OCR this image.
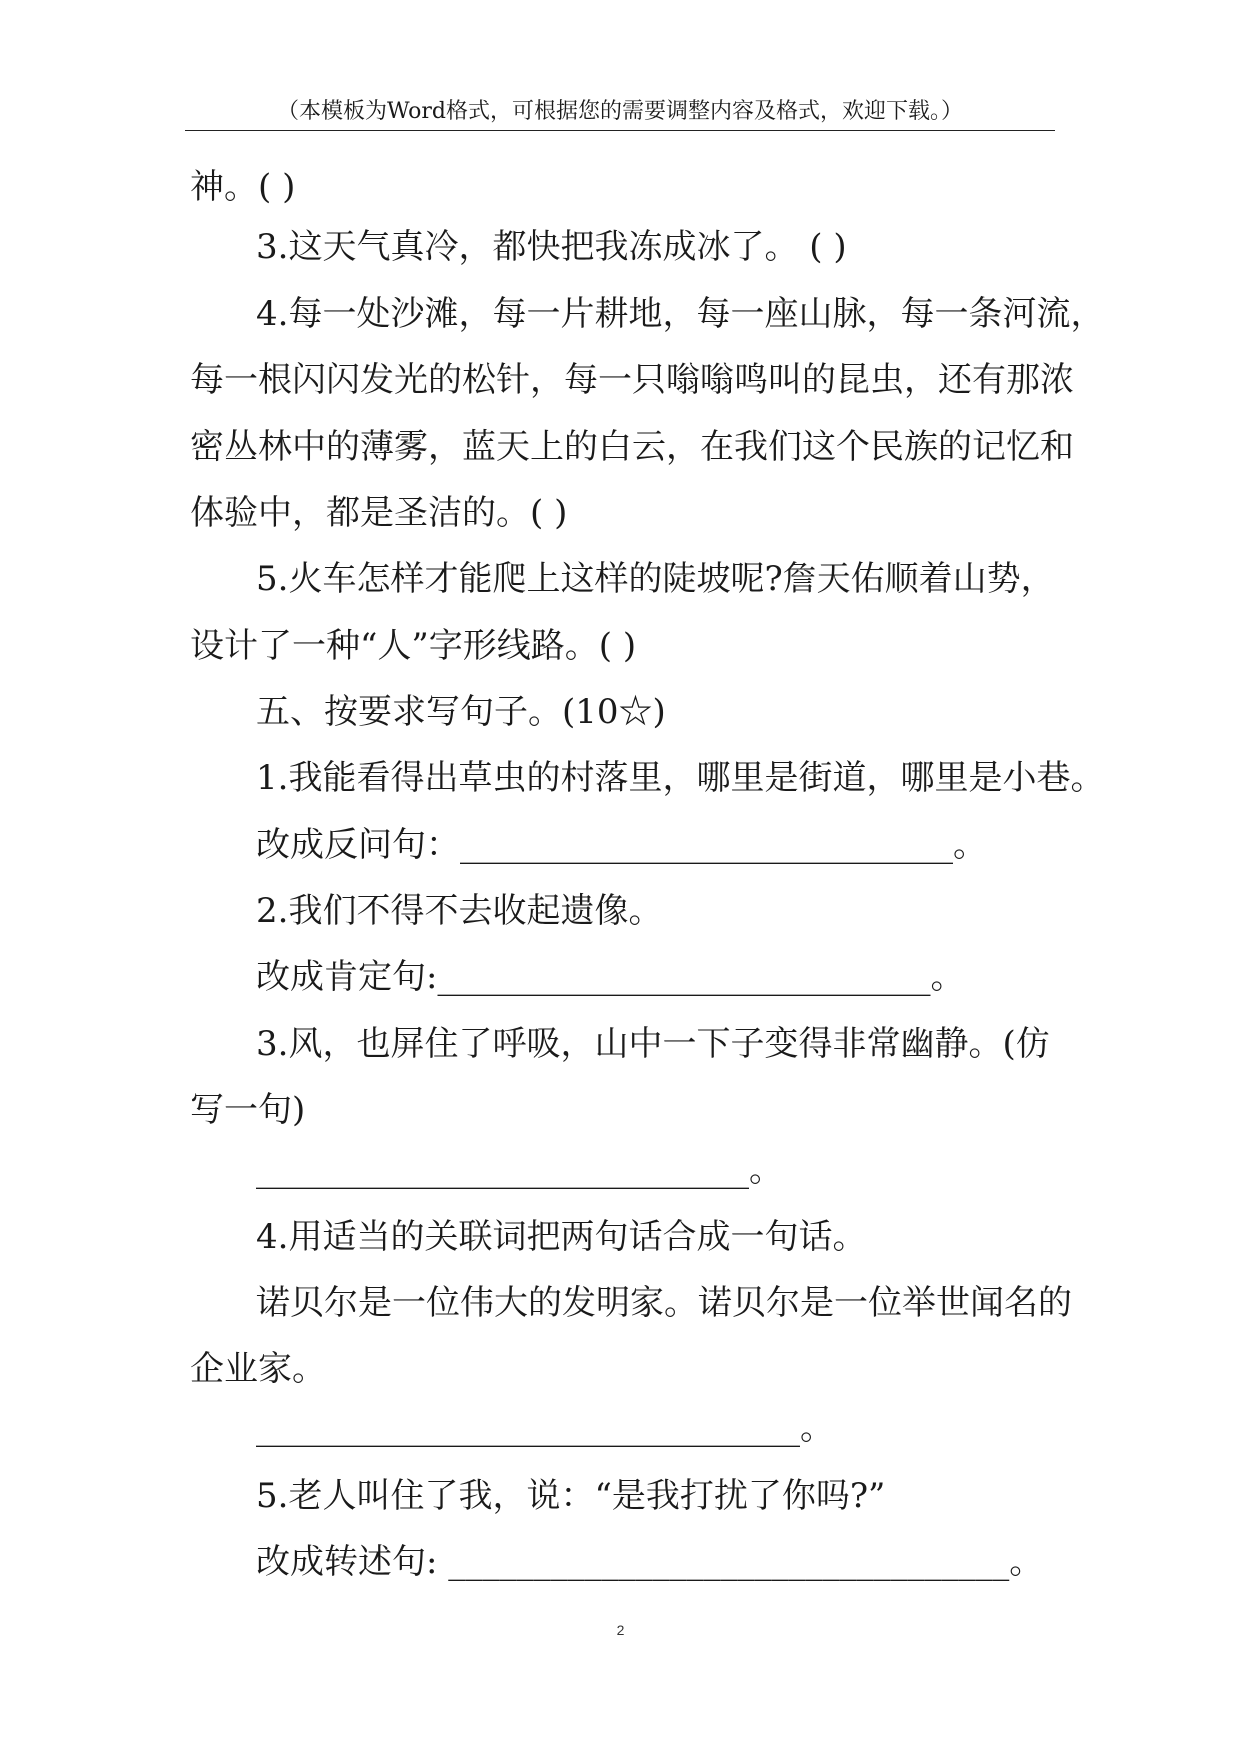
（本模板为Word格式，可根据您的需要调整内容及格式，欢迎下载。）
神。( )
3.这天气真冷，都快把我冻成冰了。 ( )
4.每一处沙滩，每一片耕地，每一座山脉，每一条河流，
每一根闪闪发光的松针，每一只嗡嗡鸣叫的昆虫，还有那浓
密丛林中的薄雾，蓝天上的白云，在我们这个民族的记忆和
体验中，都是圣洁的。( )
5.火车怎样才能爬上这样的陡坡呢?詹天佑顺着山势，
设计了一种“人”字形线路。( )
五、按要求写句子。(10☆)
1.我能看得出草虫的村落里，哪里是街道，哪里是小巷。
改成反问句：_____________________________。
2.我们不得不去收起遗像。
改成肯定句:_____________________________。
3.风，也屏住了呼吸，山中一下子变得非常幽静。(仿
写一句)
_____________________________。
4.用适当的关联词把两句话合成一句话。
诺贝尔是一位伟大的发明家。诺贝尔是一位举世闻名的
企业家。
________________________________。
5.老人叫住了我，说：“是我打扰了你吗?”
改成转述句: _________________________________。
2
